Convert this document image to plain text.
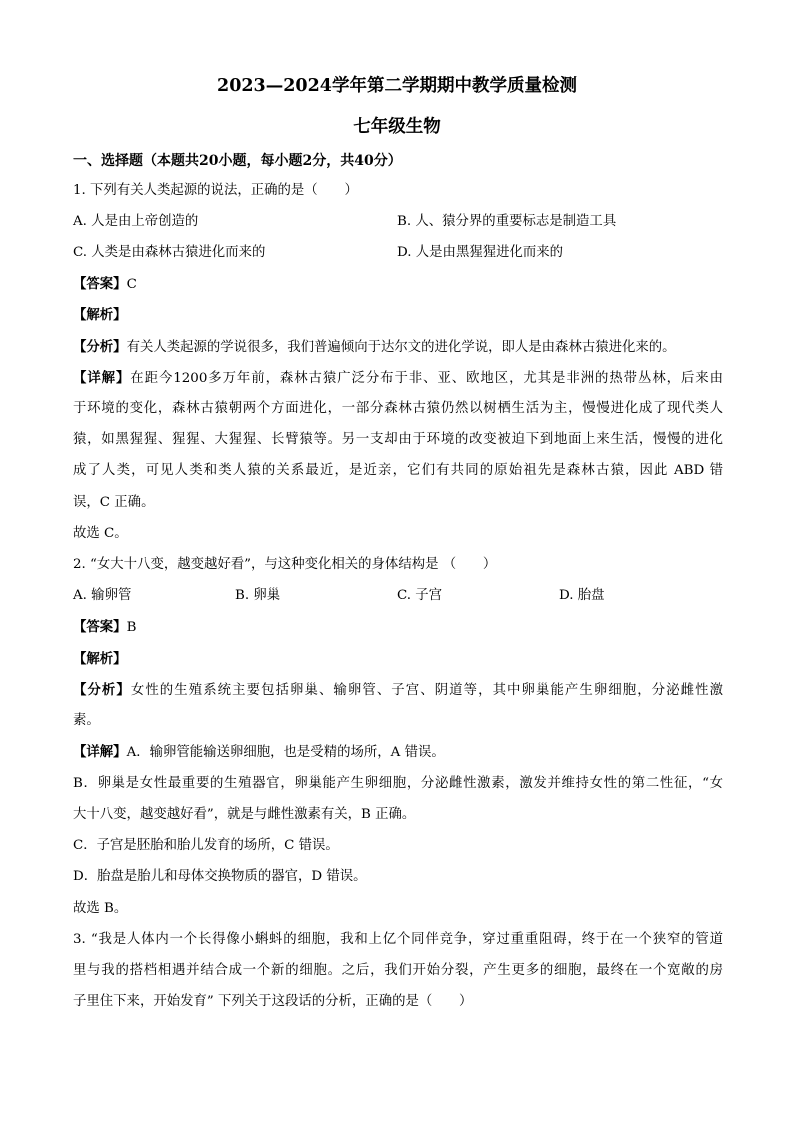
2023—2024学年第二学期期中教学质量检测
七年级生物
一、选择题（本题共20小题，每小题2分，共40分）
1. 下列有关人类起源的说法，正确的是（　　）
A. 人是由上帝创造的	B. 人、猿分界的重要标志是制造工具
C. 人类是由森林古猿进化而来的	D. 人是由黑猩猩进化而来的
【答案】C
【解析】
【分析】有关人类起源的学说很多，我们普遍倾向于达尔文的进化学说，即人是由森林古猿进化来的。
【详解】在距今1200多万年前，森林古猿广泛分布于非、亚、欧地区，尤其是非洲的热带丛林，后来由
于环境的变化，森林古猿朝两个方面进化，一部分森林古猿仍然以树栖生活为主，慢慢进化成了现代类人
猿，如黑猩猩、猩猩、大猩猩、长臂猿等。另一支却由于环境的改变被迫下到地面上来生活，慢慢的进化
成了人类，可见人类和类人猿的关系最近，是近亲，它们有共同的原始祖先是森林古猿，因此 ABD 错
误，C 正确。
故选 C。
2. “女大十八变，越变越好看”，与这种变化相关的身体结构是 （　　）
A. 输卵管	B. 卵巢	C. 子宫	D. 胎盘
【答案】B
【解析】
【分析】女性的生殖系统主要包括卵巢、输卵管、子宫、阴道等，其中卵巢能产生卵细胞，分泌雌性激
素。
【详解】A．输卵管能输送卵细胞，也是受精的场所，A 错误。
B．卵巢是女性最重要的生殖器官，卵巢能产生卵细胞，分泌雌性激素，激发并维持女性的第二性征，“女
大十八变，越变越好看”，就是与雌性激素有关，B 正确。
C．子宫是胚胎和胎儿发育的场所，C 错误。
D．胎盘是胎儿和母体交换物质的器官，D 错误。
故选 B。
3. “我是人体内一个长得像小蝌蚪的细胞，我和上亿个同伴竞争，穿过重重阻碍，终于在一个狭窄的管道
里与我的搭档相遇并结合成一个新的细胞。之后，我们开始分裂，产生更多的细胞，最终在一个宽敞的房
子里住下来，开始发育” 下列关于这段话的分析，正确的是（　　）
